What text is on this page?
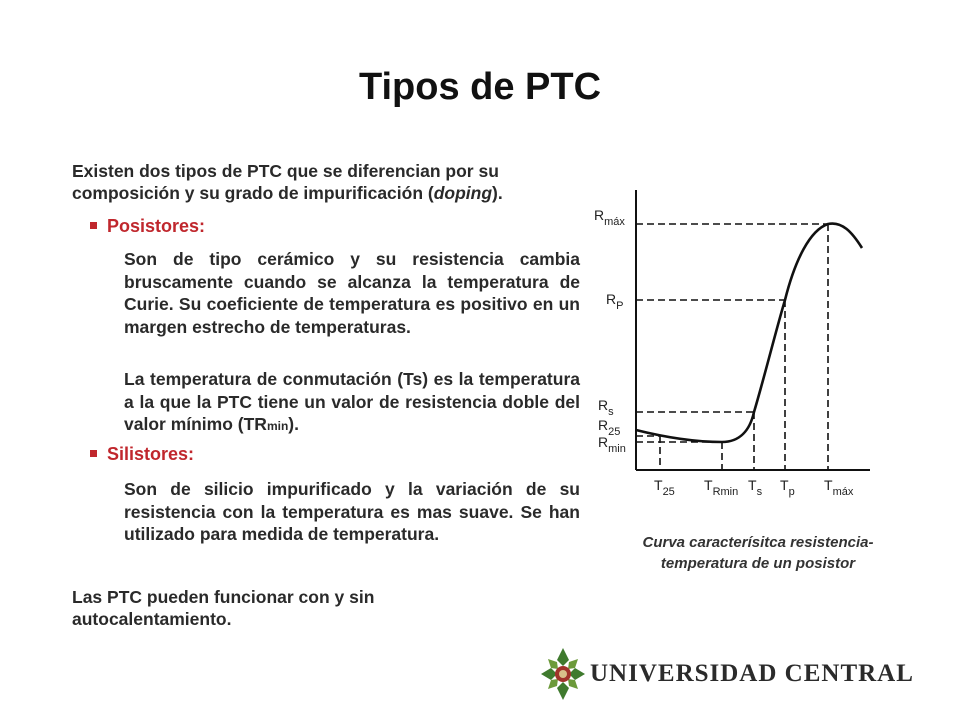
Tipos de PTC
Existen dos tipos de PTC que se diferencian por su composición y su grado de impurificación (doping).
Posistores:
Son de tipo cerámico y su resistencia cambia bruscamente cuando se alcanza la temperatura de Curie. Su coeficiente de temperatura es positivo en un margen estrecho de temperaturas.
La temperatura de conmutación (Ts) es la temperatura a la que la PTC tiene un valor de resistencia doble del valor mínimo (TRmin).
Silistores:
Son de silicio impurificado y la variación de su resistencia con la temperatura es mas suave. Se han utilizado para medida de temperatura.
Las PTC pueden funcionar con y sin autocalentamiento.
$R_{máx}$
$R_P$
$R_s$
$R_{25}$
$R_{min}$
$T_{25}$ $T_{Rmin}$ $T_s$ $T_p$ $T_{máx}$
Curva caracterísitca resistencia-temperatura de un posistor
UNIVERSIDAD CENTRAL
